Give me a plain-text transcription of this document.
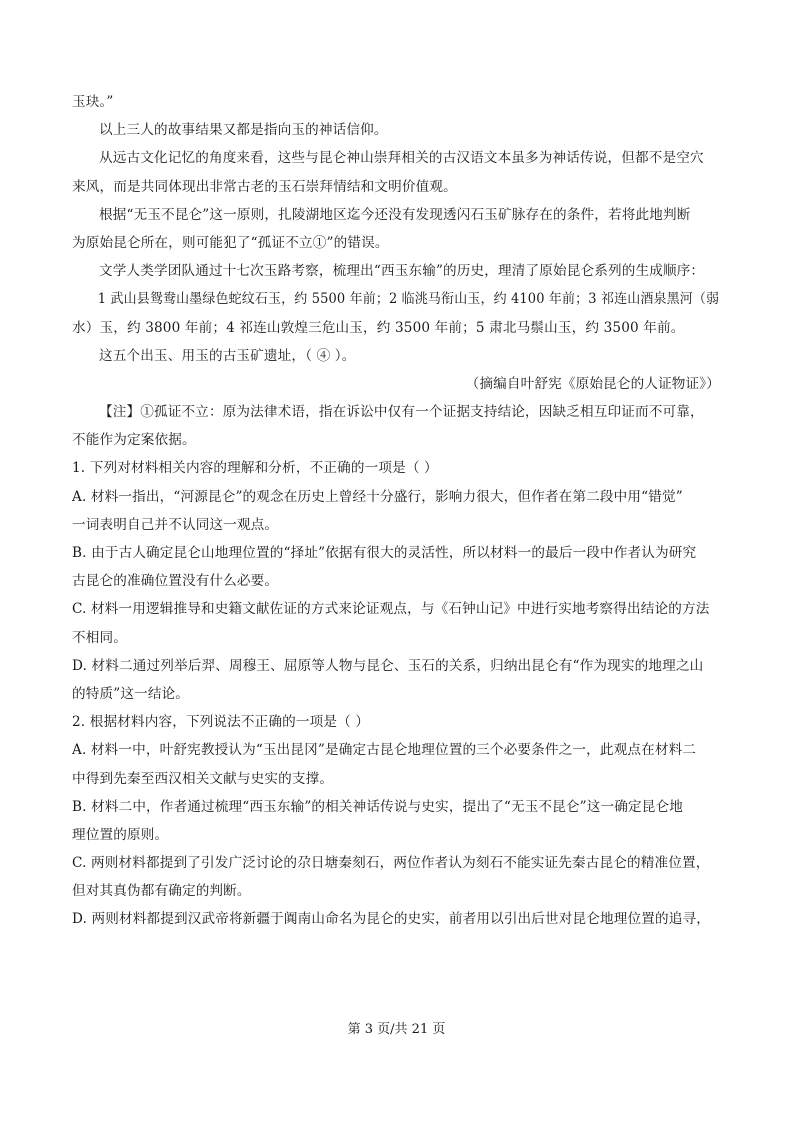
玉玦。”
以上三人的故事结果又都是指向玉的神话信仰。
从远古文化记忆的角度来看，这些与昆仑神山崇拜相关的古汉语文本虽多为神话传说，但都不是空穴
来风，而是共同体现出非常古老的玉石崇拜情结和文明价值观。
根据“无玉不昆仑”这一原则，扎陵湖地区迄今还没有发现透闪石玉矿脉存在的条件，若将此地判断
为原始昆仑所在，则可能犯了“孤证不立①”的错误。
文学人类学团队通过十七次玉路考察，梳理出“西玉东输”的历史，理清了原始昆仑系列的生成顺序：
1 武山县鸳鸯山墨绿色蛇纹石玉，约 5500 年前；2 临洮马衔山玉，约 4100 年前；3 祁连山酒泉黑河（弱
水）玉，约 3800 年前；4 祁连山敦煌三危山玉，约 3500 年前；5 肃北马鬃山玉，约 3500 年前。
这五个出玉、用玉的古玉矿遗址，（ ④ ）。
（摘编自叶舒宪《原始昆仑的人证物证》）
【注】①孤证不立：原为法律术语，指在诉讼中仅有一个证据支持结论，因缺乏相互印证而不可靠，
不能作为定案依据。
1. 下列对材料相关内容的理解和分析，不正确的一项是（ ）
A. 材料一指出，“河源昆仑”的观念在历史上曾经十分盛行，影响力很大，但作者在第二段中用“错觉”
一词表明自己并不认同这一观点。
B. 由于古人确定昆仑山地理位置的“择址”依据有很大的灵活性，所以材料一的最后一段中作者认为研究
古昆仑的准确位置没有什么必要。
C. 材料一用逻辑推导和史籍文献佐证的方式来论证观点，与《石钟山记》中进行实地考察得出结论的方法
不相同。
D. 材料二通过列举后羿、周穆王、屈原等人物与昆仑、玉石的关系，归纳出昆仑有“作为现实的地理之山
的特质”这一结论。
2. 根据材料内容，下列说法不正确的一项是（ ）
A. 材料一中，叶舒宪教授认为“玉出昆冈”是确定古昆仑地理位置的三个必要条件之一，此观点在材料二
中得到先秦至西汉相关文献与史实的支撑。
B. 材料二中，作者通过梳理“西玉东输”的相关神话传说与史实，提出了“无玉不昆仑”这一确定昆仑地
理位置的原则。
C. 两则材料都提到了引发广泛讨论的尕日塘秦刻石，两位作者认为刻石不能实证先秦古昆仑的精准位置，
但对其真伪都有确定的判断。
D. 两则材料都提到汉武帝将新疆于阗南山命名为昆仑的史实，前者用以引出后世对昆仑地理位置的追寻，
第 3 页/共 21 页
